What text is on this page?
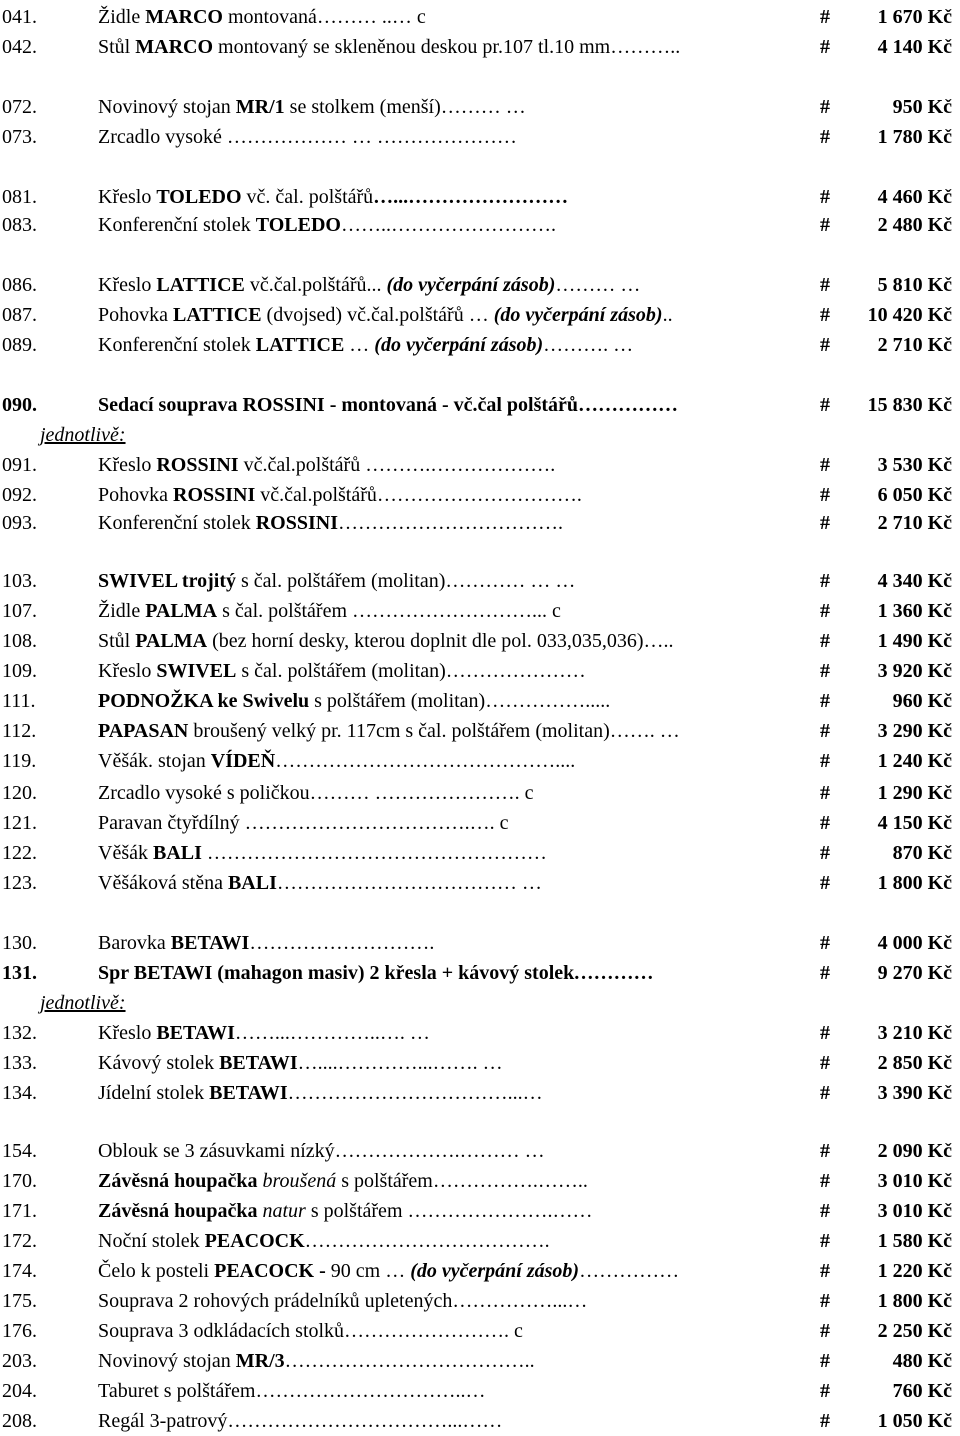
041.	Židle MARCO montovaná……… ..… c	# 1 670 Kč
042.	Stůl MARCO montovaný se skleněnou deskou pr.107 tl.10 mm………..	# 4 140 Kč
072.	Novinový stojan MR/1 se stolkem (menší)……… …	#	950 Kč
073.	Zrcadlo vysoké ……………… … …………………	# 1 780 Kč
081.	Křeslo TOLEDO vč. čal. polštářů…...……………………	# 4 460 Kč
083.	Konferenční stolek TOLEDO……..…………………….	# 2 480 Kč
086.	Křeslo LATTICE vč.čal.polštářů... (do vyčerpání zásob)……… …	# 5 810 Kč
087.	Pohovka LATTICE (dvojsed) vč.čal.polštářů … (do vyčerpání zásob)..	# 10 420 Kč
089.	Konferenční stolek LATTICE … (do vyčerpání zásob)………. …	# 2 710 Kč
090.	Sedací souprava ROSSINI - montovaná - vč.čal polštářů……………	# 15 830 Kč
091.	Křeslo ROSSINI vč.čal.polštářů ……….……………….	# 3 530 Kč
092.	Pohovka ROSSINI vč.čal.polštářů………………………….	# 6 050 Kč
093.	Konferenční stolek ROSSINI…………………………….	# 2 710 Kč
103.	SWIVEL trojitý s čal. polštářem (molitan)………… … …	# 4 340 Kč
107.	Židle PALMA s čal. polštářem ………………………... c	# 1 360 Kč
108.	Stůl PALMA (bez horní desky, kterou doplnit dle pol. 033,035,036)…..	# 1 490 Kč
109.	Křeslo SWIVEL s čal. polštářem (molitan)…………………	# 3 920 Kč
111.	PODNOŽKA ke Swivelu s polštářem (molitan)…………….....	#	960 Kč
112.	PAPASAN broušený velký pr. 117cm s čal. polštářem (molitan)……. …	# 3 290 Kč
119.	Věšák. stojan VÍDEŇ……………………………………....	# 1 240 Kč
120.	Zrcadlo vysoké s poličkou……… …………………. c	# 1 290 Kč
121.	Paravan čtyřdílný …………………………….…. c	# 4 150 Kč
122.	Věšák BALI ……………………………………………	#	870 Kč
123.	Věšáková stěna BALI……………………………… …	# 1 800 Kč
130.	Barovka BETAWI……………………….	# 4 000 Kč
131.	Spr BETAWI (mahagon masiv) 2 křesla + kávový stolek…………	# 9 270 Kč
132.	Křeslo BETAWI……...…………..…. …	# 3 210 Kč
133.	Kávový stolek BETAWI…....…………...……. …	# 2 850 Kč
134.	Jídelní stolek BETAWI……………………………...…	# 3 390 Kč
154.	Oblouk se 3 zásuvkami nízký……………….……… …	# 2 090 Kč
170.	Závěsná houpačka broušená s polštářem…………….……..	# 3 010 Kč
171.	Závěsná houpačka natur s polštářem ………………….……	# 3 010 Kč
172.	Noční stolek PEACOCK……………………………….	# 1 580 Kč
174.	Čelo k posteli PEACOCK - 90 cm … (do vyčerpání zásob)……………	# 1 220 Kč
175.	Souprava 2 rohových prádelníků upletených……………...…	# 1 800 Kč
176.	Souprava 3 odkládacích stolků……………………. c	# 2 250 Kč
203.	Novinový stojan MR/3………………………………..	#	480 Kč
204.	Taburet s polštářem…………………………..…	#	760 Kč
208.	Regál 3-patrový……………………………...……	# 1 050 Kč
jednotlivě:
jednotlivě:
